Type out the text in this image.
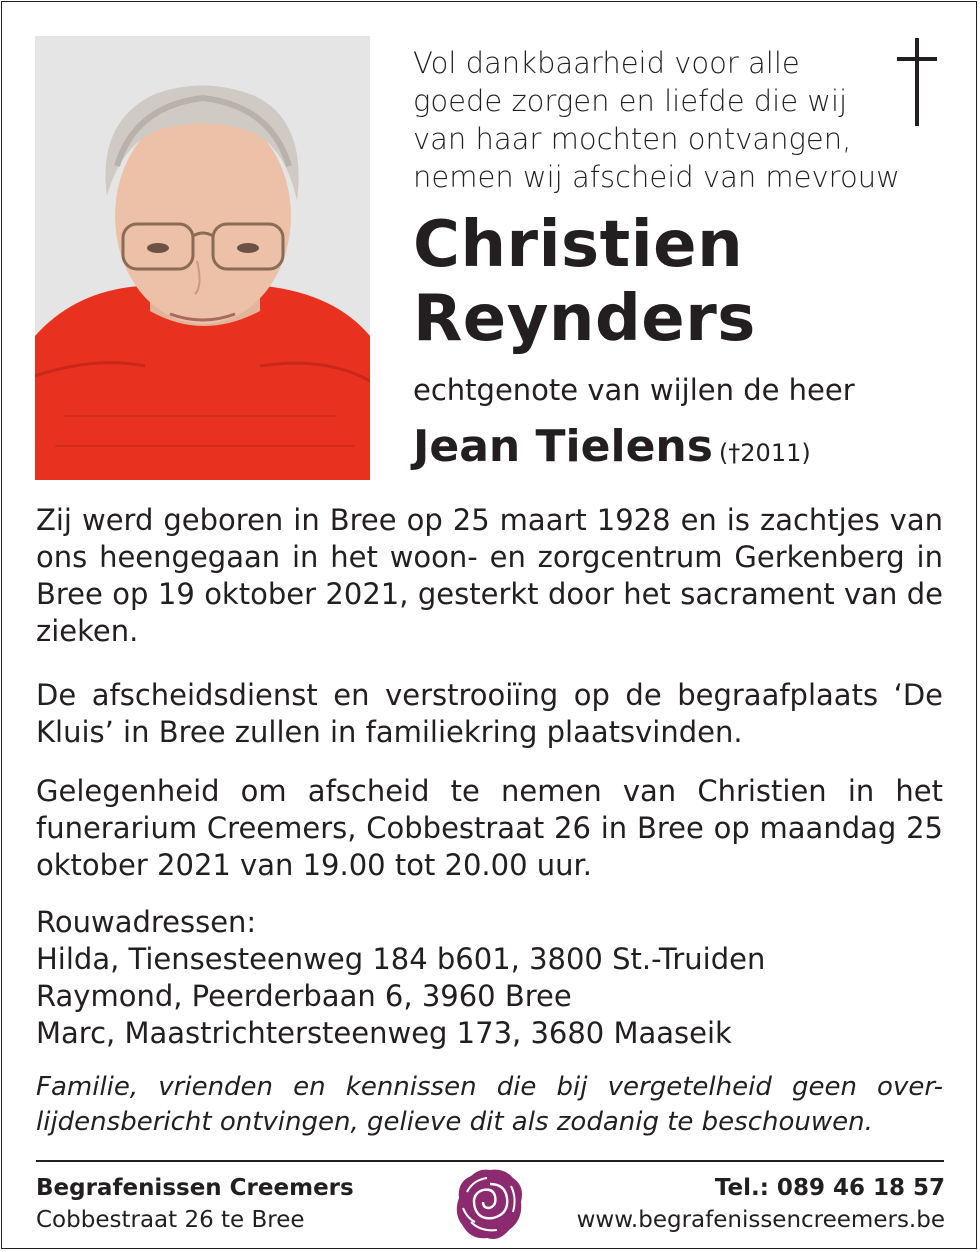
Vol dankbaarheid voor alle
goede zorgen en liefde die wij
van haar mochten ontvangen,
nemen wij afscheid van mevrouw
Christien
Reynders
echtgenote van wijlen de heer
Jean Tielens (†2011)
Zij werd geboren in Bree op 25 maart 1928 en is zachtjes van ons heengegaan in het woon- en zorgcentrum Gerkenberg in Bree op 19 oktober 2021, gesterkt door het sacrament van de zieken.
De afscheidsdienst en verstrooiïng op de begraafplaats ‘De Kluis’ in Bree zullen in familiekring plaatsvinden.
Gelegenheid om afscheid te nemen van Christien in het funerarium Creemers, Cobbestraat 26 in Bree op maandag 25 oktober 2021 van 19.00 tot 20.00 uur.
Rouwadressen:
Hilda, Tiensesteenweg 184 b601, 3800 St.-Truiden
Raymond, Peerderbaan 6, 3960 Bree
Marc, Maastrichtersteenweg 173, 3680 Maaseik
Familie, vrienden en kennissen die bij vergetelheid geen over-lijdensbericht ontvingen, gelieve dit als zodanig te beschouwen.
Begrafenissen Creemers
Cobbestraat 26 te Bree
Tel.: 089 46 18 57
www.begrafenissencreemers.be
